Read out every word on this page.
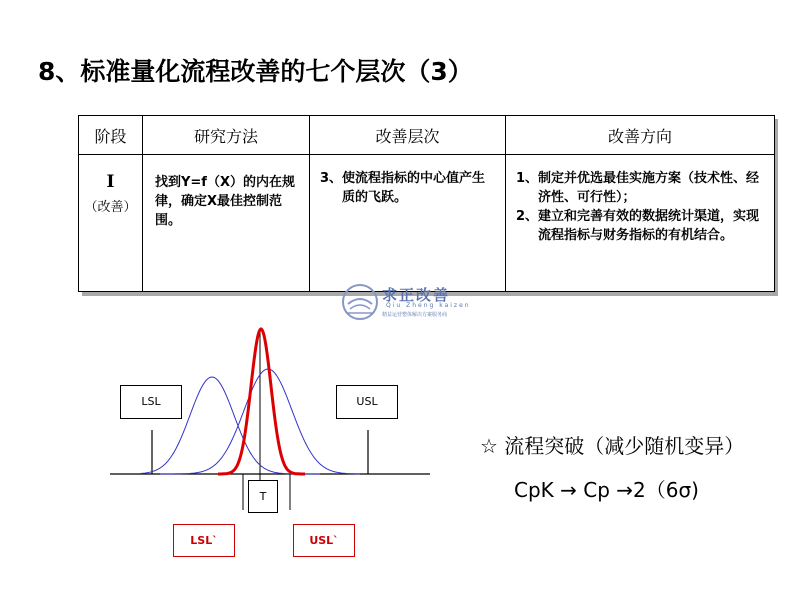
8、标准量化流程改善的七个层次（3）
阶段	研究方法	改善层次	改善方向

I
（改善）	找到Y=f（X）的内在规律，确定X最佳控制范围。	3、使流程指标的中心值产生质的飞跃。	1、制定并优选最佳实施方案（技术性、经济性、可行性）；
2、建立和完善有效的数据统计渠道，实现流程指标与财务指标的有机结合。
求正改善
Qiu Zheng kaizen
精益运营整体解决方案服务商
LSL	USL
T
LSL`	USL`
☆ 流程突破（减少随机变异）
CpK → Cp →2（6σ)
